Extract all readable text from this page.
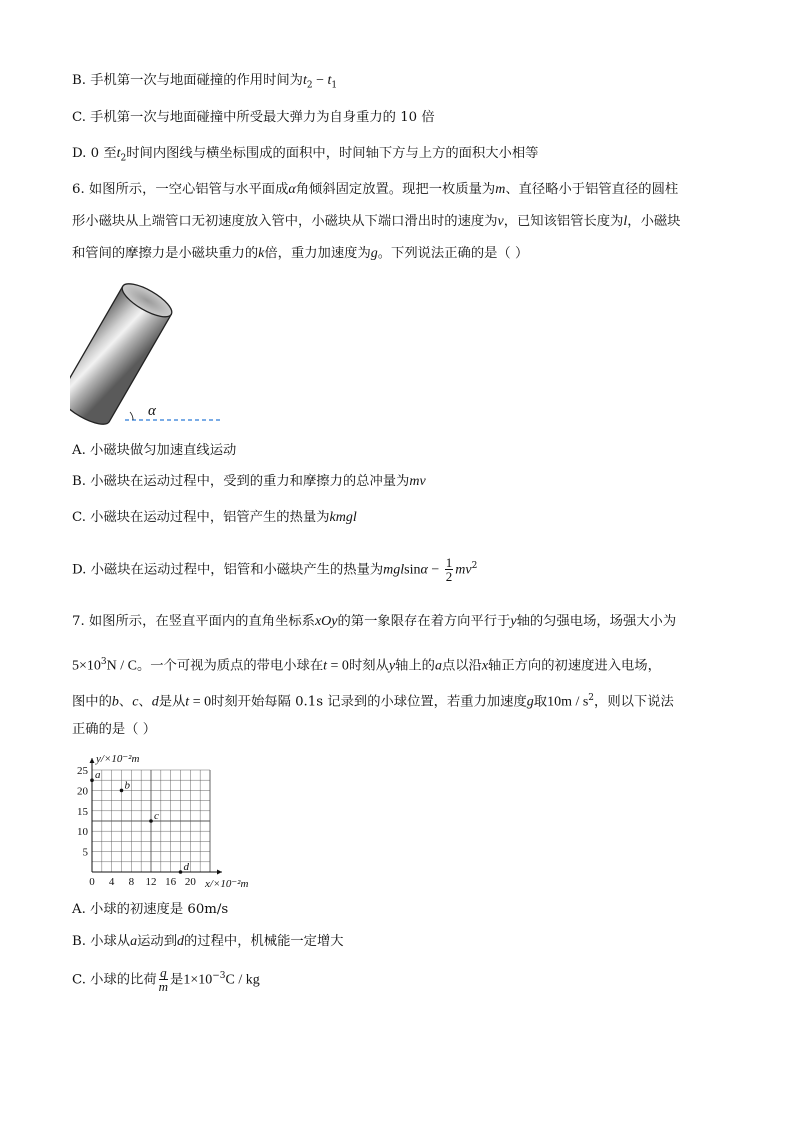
B. 手机第一次与地面碰撞的作用时间为$t_2 - t_1$
C. 手机第一次与地面碰撞中所受最大弹力为自身重力的 10 倍
D. 0 至$t_2$时间内图线与横坐标围成的面积中，时间轴下方与上方的面积大小相等
6. 如图所示，一空心铝管与水平面成α角倾斜固定放置。现把一枚质量为m、直径略小于铝管直径的圆柱
形小磁块从上端管口无初速度放入管中，小磁块从下端口滑出时的速度为v，已知该铝管长度为l，小磁块
和管间的摩擦力是小磁块重力的k倍，重力加速度为g。下列说法正确的是（ ）
α
A. 小磁块做匀加速直线运动
B. 小磁块在运动过程中，受到的重力和摩擦力的总冲量为mv
C. 小磁块在运动过程中，铝管产生的热量为kmgl
D. 小磁块在运动过程中，铝管和小磁块产生的热量为$mglsin\alpha - \frac{1}{2} mv^2$
7. 如图所示，在竖直平面内的直角坐标系xOy的第一象限存在着方向平行于y轴的匀强电场，场强大小为
$5\times 10^3N / C$。一个可视为质点的带电小球在t = 0时刻从y轴上的a点以沿x轴正方向的初速度进入电场，
图中的b、c、d是从t = 0时刻开始每隔 0.1s 记录到的小球位置，若重力加速度g取$10m / s^2$，则以下说法
正确的是（ ）
0 4 8 12 16 20
5
10
15
20
25 a
b
c
d
y/×10⁻²m
x/×10⁻²m
A. 小球的初速度是 60m/s
B. 小球从a运动到d的过程中，机械能一定增大
C. 小球的比荷 $\frac{q}{m}$ 是$1\times 10^{-3}C$ / kg
